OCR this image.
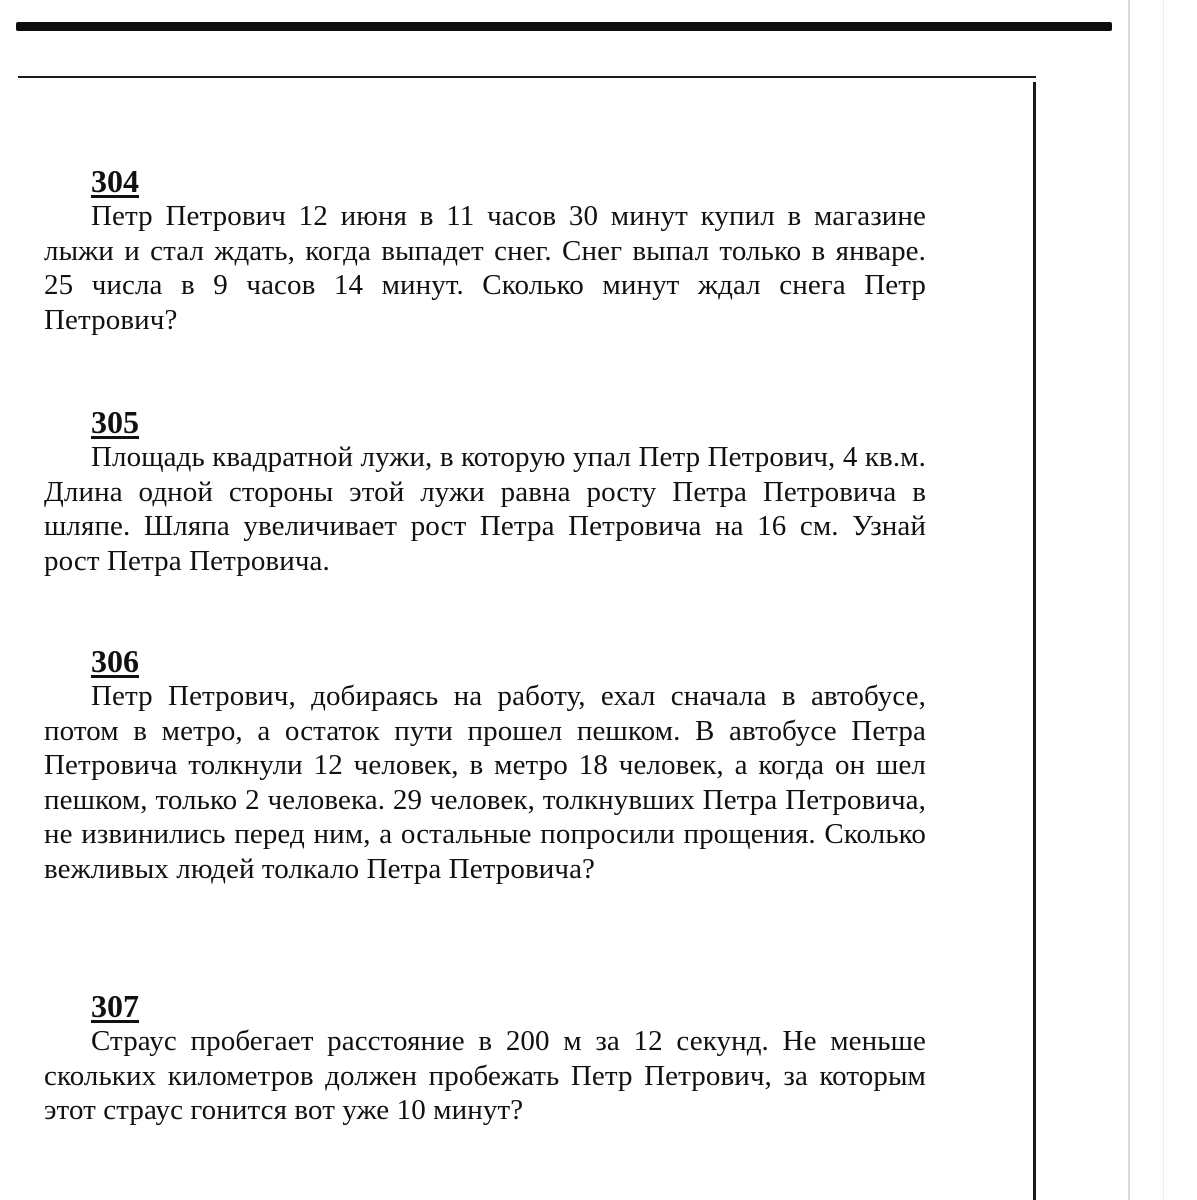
304

Петр Петрович 12 июня в 11 часов 30 минут купил в магазине лыжи и стал ждать, когда выпадет снег. Снег выпал только в январе. 25 числа в 9 часов 14 минут. Сколько минут ждал снега Петр Петрович?

305

Площадь квадратной лужи, в которую упал Петр Петрович, 4 кв.м. Длина одной стороны этой лужи равна росту Петра Петровича в шляпе. Шляпа увеличивает рост Петра Петровича на 16 см. Узнай рост Петра Петровича.

306

Петр Петрович, добираясь на работу, ехал сначала в автобусе, потом в метро, а остаток пути прошел пешком. В автобусе Петра Петровича толкнули 12 человек, в метро 18 человек, а когда он шел пешком, только 2 человека. 29 человек, толкнувших Петра Петровича, не извинились перед ним, а остальные попросили прощения. Сколько вежливых людей толкало Петра Петровича?

307

Страус пробегает расстояние в 200 м за 12 секунд. Не меньше скольких километров должен пробежать Петр Петрович, за которым этот страус гонится вот уже 10 минут?
